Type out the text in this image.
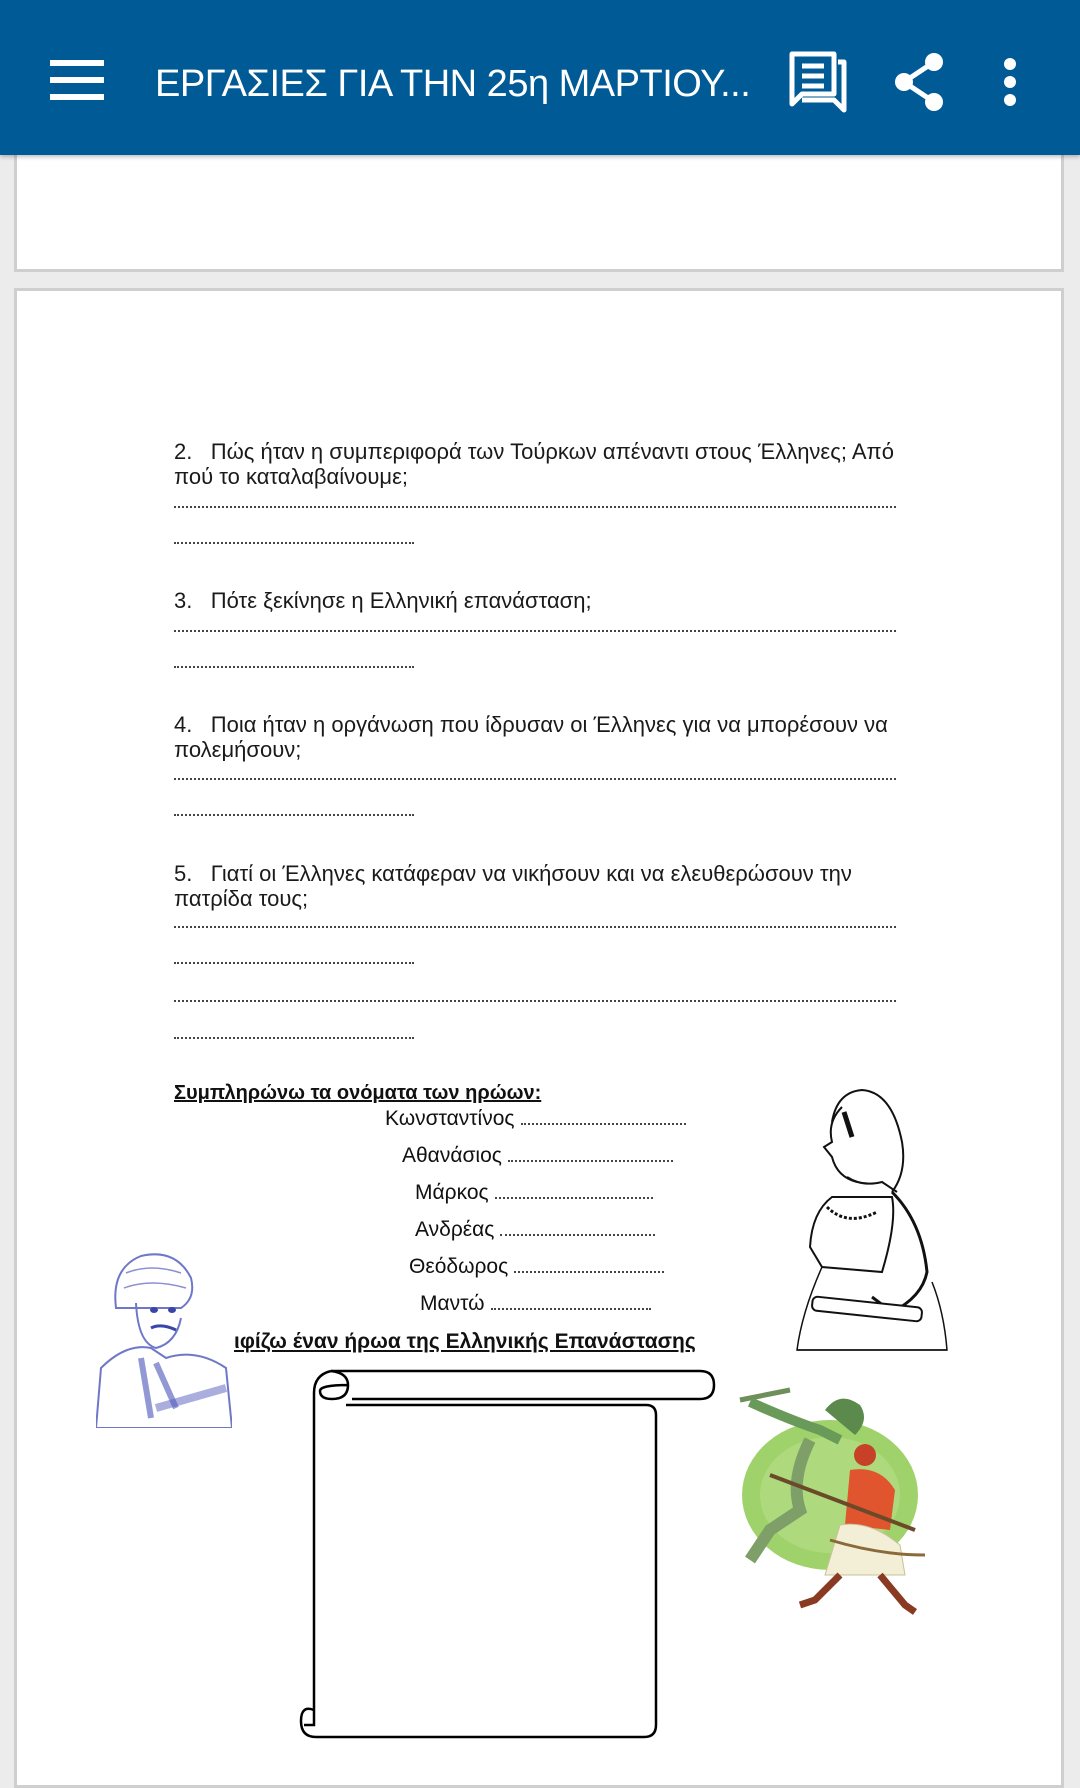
ΕΡΓΑΣΙΕΣ ΓΙΑ ΤΗΝ 25η ΜΑΡΤΙΟΥ...
2. Πώς ήταν η συμπεριφορά των Τούρκων απέναντι στους Έλληνες; Από
πού το καταλαβαίνουμε;
3. Πότε ξεκίνησε η Ελληνική επανάσταση;
4. Ποια ήταν η οργάνωση που ίδρυσαν οι Έλληνες για να μπορέσουν να
πολεμήσουν;
5. Γιατί οι Έλληνες κατάφεραν να νικήσουν και να ελευθερώσουν την
πατρίδα τους;
Συμπληρώνω τα ονόματα των ηρώων:
Κωνσταντίνος
Αθανάσιος
Μάρκος
Ανδρέας
Θεόδωρος
Μαντώ
ιφίζω έναν ήρωα της Ελληνικής Επανάστασης
